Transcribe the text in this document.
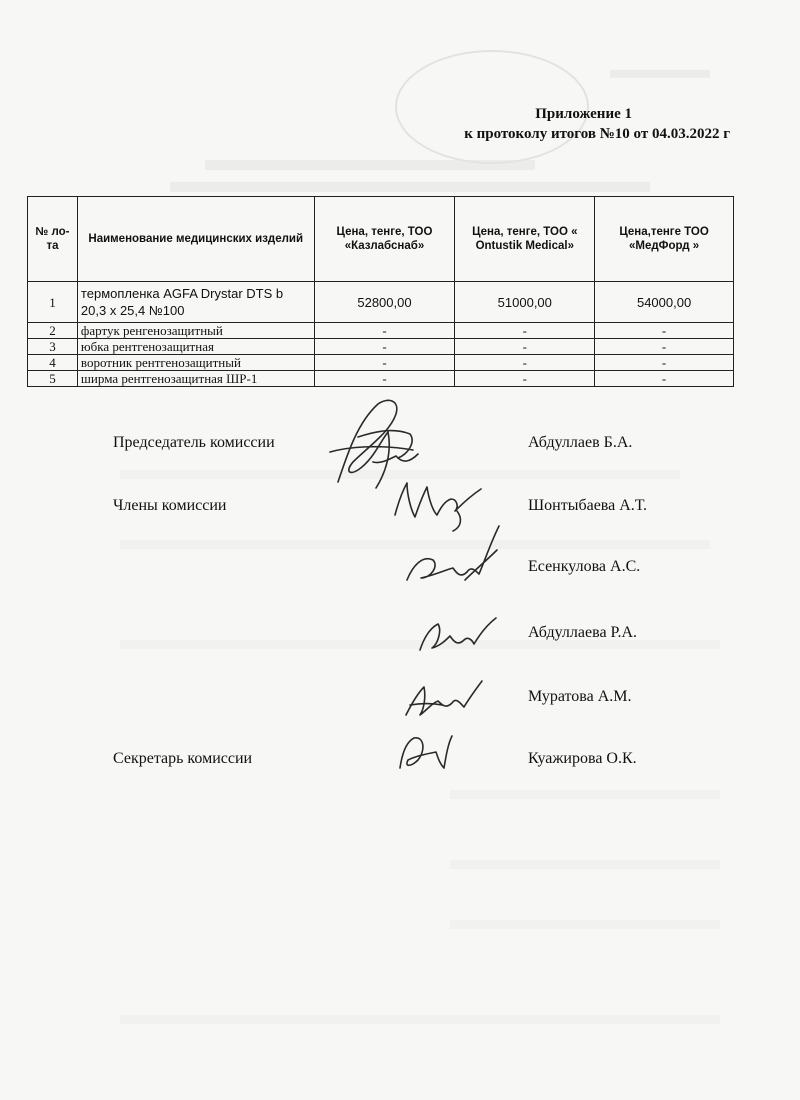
Приложение 1
к протоколу итогов №10 от 04.03.2022 г
№ ло-та	Наименование медицинских изделий	Цена, тенге, ТОО «Казлабснаб»	Цена, тенге, ТОО « Ontustik Medical»	Цена,тенге ТОО «МедФорд »
1	термопленка AGFA Drystar DTS b 20,3 х 25,4 №100	52800,00	51000,00	54000,00
2	фартук ренгенозащитный	-	-	-
3	юбка рентгенозащитная	-	-	-
4	воротник рентгенозащитный	-	-	-
5	ширма рентгенозащитная ШР-1	-	-	-
Председатель комиссии	Абдуллаев Б.А.
Члены комиссии	Шонтыбаева А.Т.
Есенкулова А.С.
Абдуллаева Р.А.
Муратова А.М.
Секретарь комиссии	Куажирова О.К.
